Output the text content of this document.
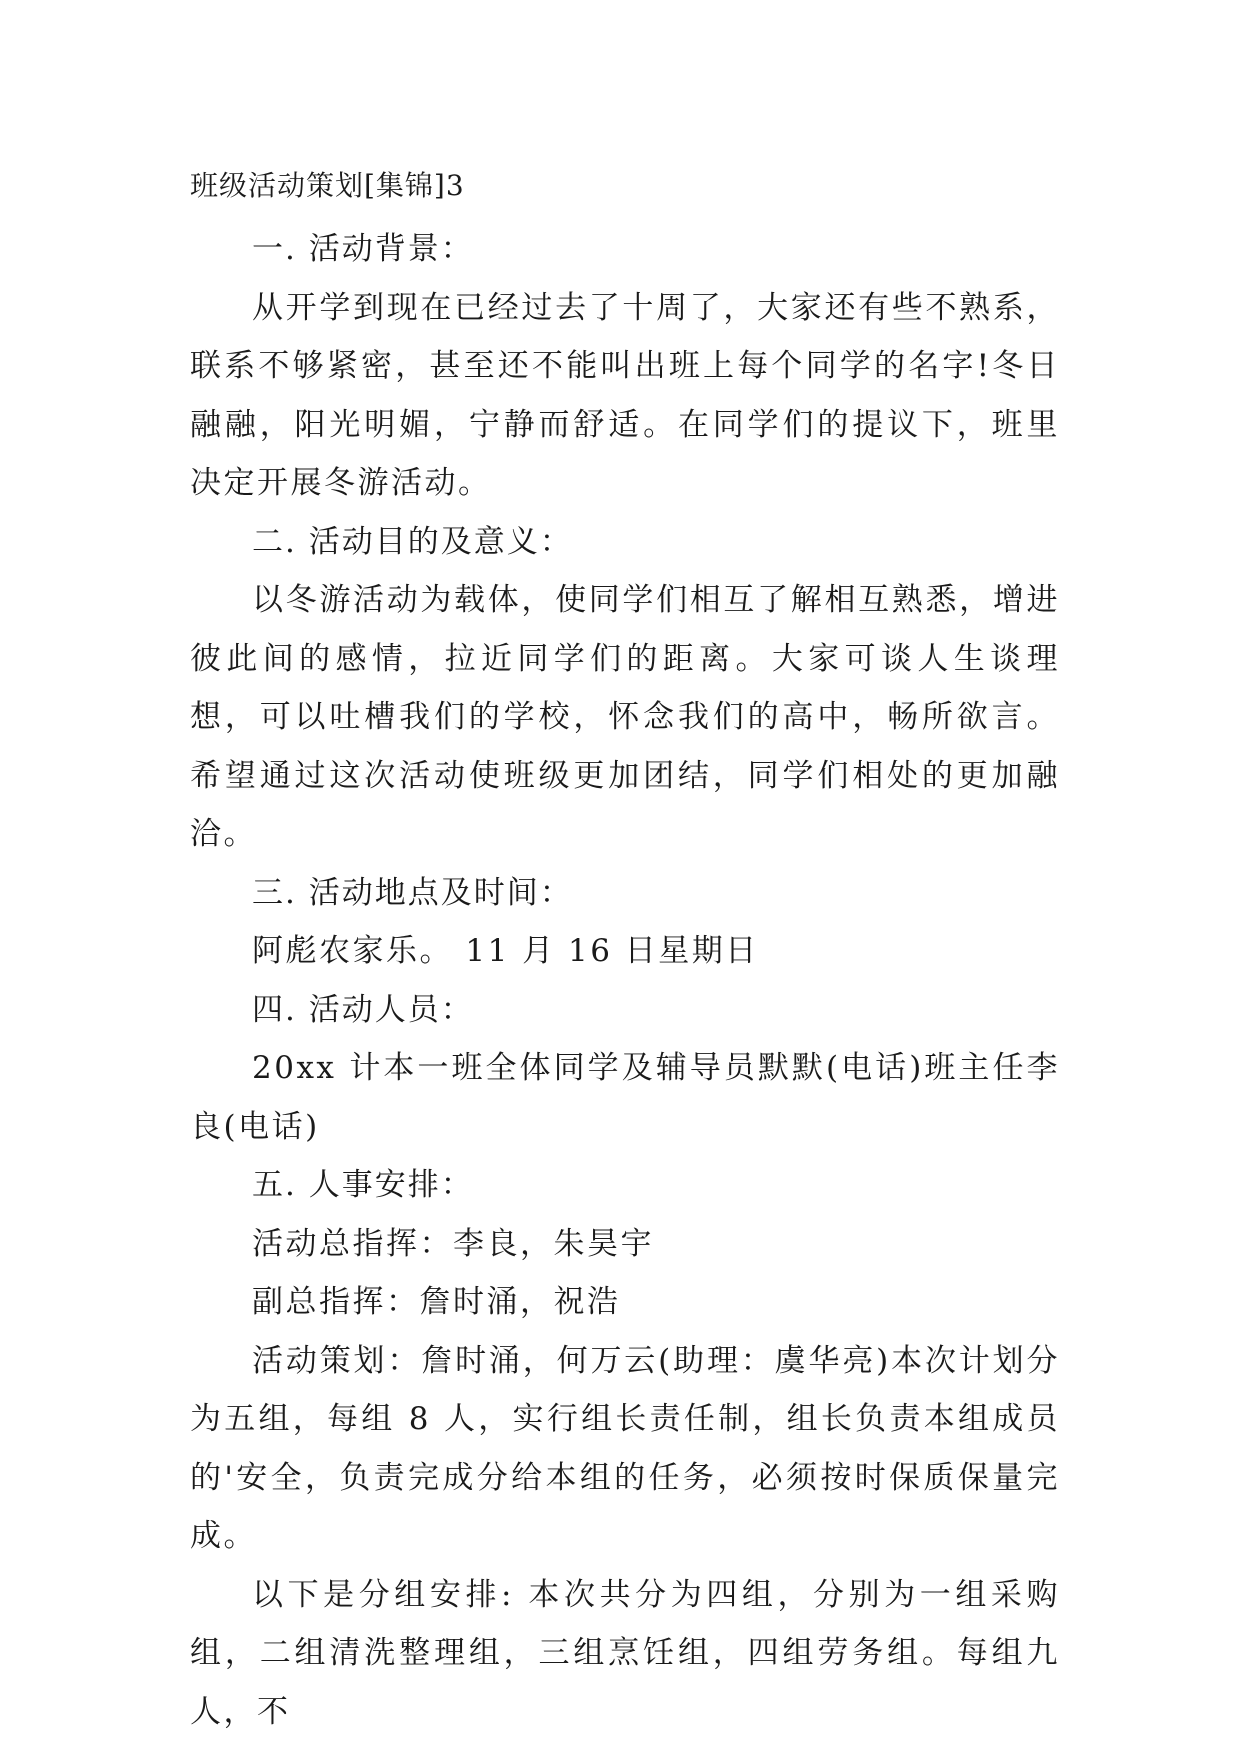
班级活动策划[集锦]3

一. 活动背景：

从开学到现在已经过去了十周了，大家还有些不熟系，联系不够紧密，甚至还不能叫出班上每个同学的名字!冬日融融，阳光明媚，宁静而舒适。在同学们的提议下，班里决定开展冬游活动。

二. 活动目的及意义：

以冬游活动为载体，使同学们相互了解相互熟悉，增进彼此间的感情，拉近同学们的距离。大家可谈人生谈理想，可以吐槽我们的学校，怀念我们的高中，畅所欲言。希望通过这次活动使班级更加团结，同学们相处的更加融洽。

三. 活动地点及时间：

阿彪农家乐。 11 月 16 日星期日

四. 活动人员：

20xx 计本一班全体同学及辅导员默默(电话)班主任李良(电话)

五. 人事安排：

活动总指挥：李良，朱昊宇

副总指挥：詹时涌，祝浩

活动策划：詹时涌，何万云(助理：虞华亮)本次计划分为五组，每组 8 人，实行组长责任制，组长负责本组成员的'安全，负责完成分给本组的任务，必须按时保质保量完成。

以下是分组安排: 本次共分为四组，分别为一组采购组，二组清洗整理组，三组烹饪组，四组劳务组。每组九人，不
